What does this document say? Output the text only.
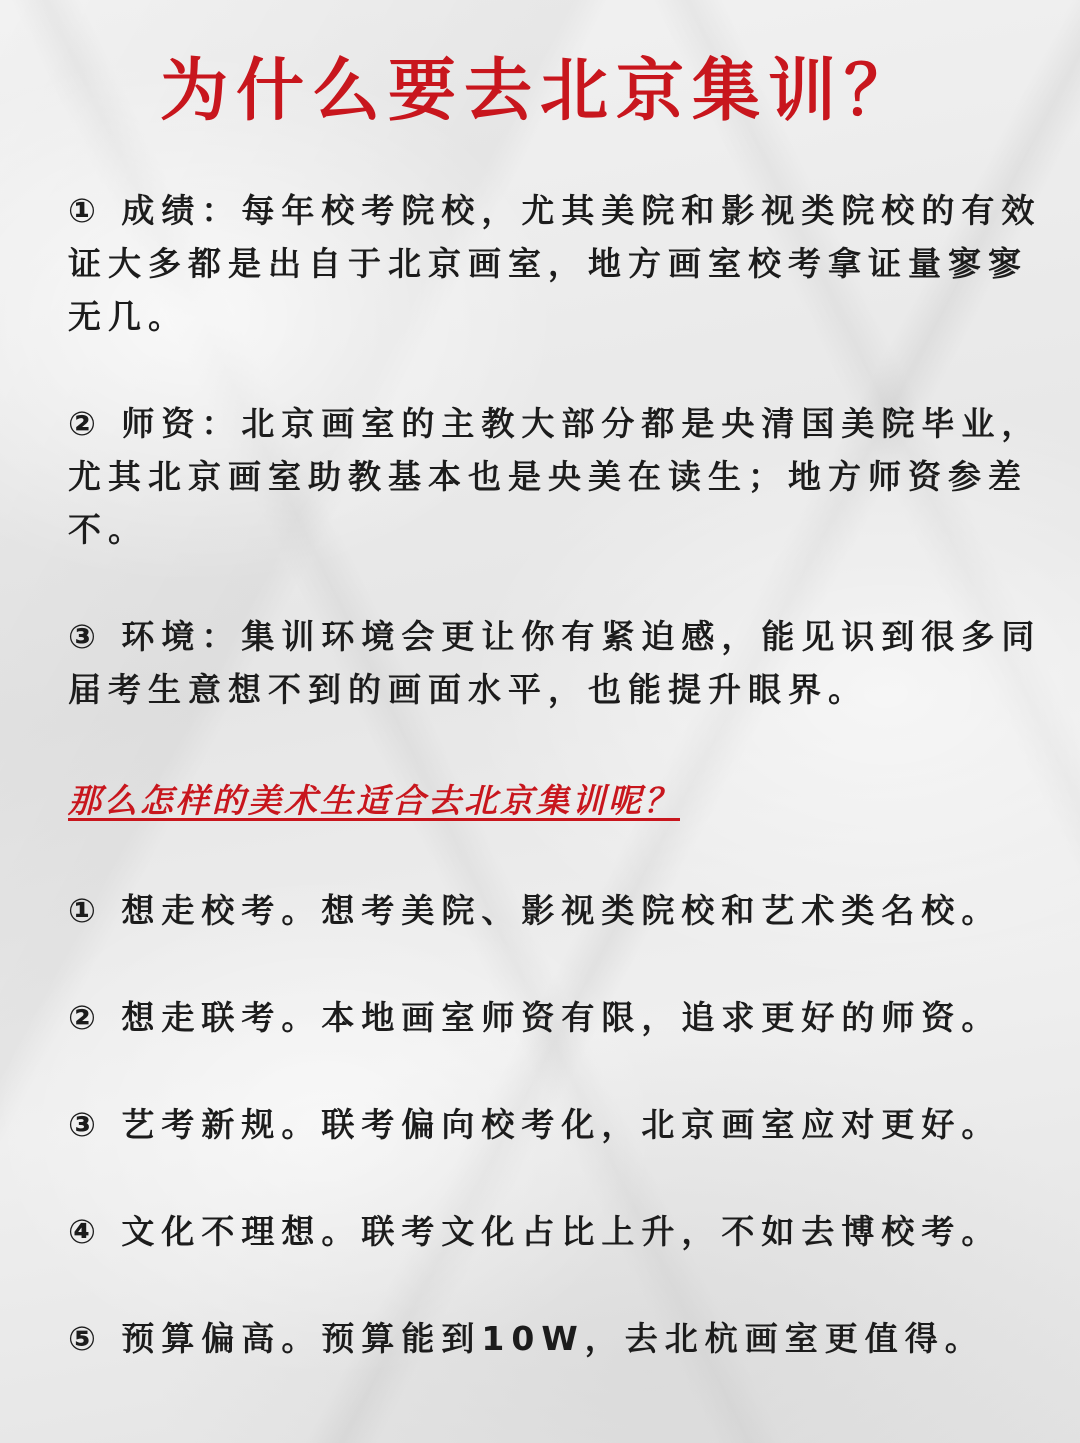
为什么要去北京集训？

① 成绩：每年校考院校，尤其美院和影视类院校的有效证大多都是出自于北京画室，地方画室校考拿证量寥寥无几。

② 师资：北京画室的主教大部分都是央清国美院毕业，尤其北京画室助教基本也是央美在读生；地方师资参差不。

③ 环境：集训环境会更让你有紧迫感，能见识到很多同届考生意想不到的画面水平，也能提升眼界。

那么怎样的美术生适合去北京集训呢？
① 想走校考。想考美院、影视类院校和艺术类名校。
② 想走联考。本地画室师资有限，追求更好的师资。
③ 艺考新规。联考偏向校考化，北京画室应对更好。
④ 文化不理想。联考文化占比上升，不如去博校考。
⑤ 预算偏高。预算能到10W，去北杭画室更值得。
